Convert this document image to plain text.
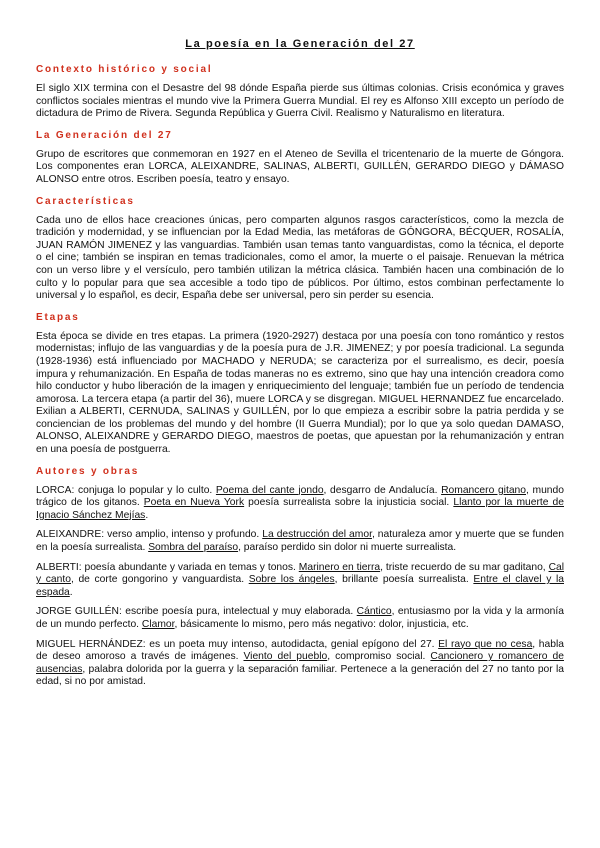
La poesía en la Generación del 27
Contexto histórico y social

El siglo XIX termina con el Desastre del 98 dónde España pierde sus últimas colonias. Crisis económica y graves conflictos sociales mientras el mundo vive la Primera Guerra Mundial. El rey es Alfonso XIII excepto un período de dictadura de Primo de Rivera. Segunda República y Guerra Civil. Realismo y Naturalismo en literatura.

La Generación del 27

Grupo de escritores que conmemoran en 1927 en el Ateneo de Sevilla el tricentenario de la muerte de Góngora. Los componentes eran LORCA, ALEIXANDRE, SALINAS, ALBERTI, GUILLÉN, GERARDO DIEGO y DÁMASO ALONSO entre otros. Escriben poesía, teatro y ensayo.

Características

Cada uno de ellos hace creaciones únicas, pero comparten algunos rasgos característicos, como la mezcla de tradición y modernidad, y se influencian por la Edad Media, las metáforas de GÓNGORA, BÉCQUER, ROSALÍA, JUAN RAMÓN JIMENEZ y las vanguardias. También usan temas tanto vanguardistas, como la técnica, el deporte o el cine; también se inspiran en temas tradicionales, como el amor, la muerte o el paisaje. Renuevan la métrica con un verso libre y el versículo, pero también utilizan la métrica clásica. También hacen una combinación de lo culto y lo popular para que sea accesible a todo tipo de públicos. Por último, estos combinan perfectamente lo universal y lo español, es decir, España debe ser universal, pero sin perder su esencia.

Etapas

Esta época se divide en tres etapas. La primera (1920-2927) destaca por una poesía con tono romántico y restos modernistas; influjo de las vanguardias y de la poesía pura de J.R. JIMENEZ; y por poesía tradicional. La segunda (1928-1936) está influenciado por MACHADO y NERUDA; se caracteriza por el surrealismo, es decir, poesía impura y rehumanización. En España de todas maneras no es extremo, sino que hay una intención creadora como hilo conductor y hubo liberación de la imagen y enriquecimiento del lenguaje; también fue un período de tendencia amorosa. La tercera etapa (a partir del 36), muere LORCA y se disgregan. MIGUEL HERNANDEZ fue encarcelado. Exilian a ALBERTI, CERNUDA, SALINAS y GUILLÉN, por lo que empieza a escribir sobre la patria perdida y se conciencian de los problemas del mundo y del hombre (II Guerra Mundial); por lo que ya solo quedan DAMASO, ALONSO, ALEIXANDRE y GERARDO DIEGO, maestros de poetas, que apuestan por la rehumanización y entran en una poesía de postguerra.

Autores y obras

LORCA: conjuga lo popular y lo culto. Poema del cante jondo, desgarro de Andalucía. Romancero gitano, mundo trágico de los gitanos. Poeta en Nueva York poesía surrealista sobre la injusticia social. Llanto por la muerte de Ignacio Sánchez Mejías.

ALEIXANDRE: verso amplio, intenso y profundo. La destrucción del amor, naturaleza amor y muerte que se funden en la poesía surrealista. Sombra del paraíso, paraíso perdido sin dolor ni muerte surrealista.

ALBERTI: poesía abundante y variada en temas y tonos. Marinero en tierra, triste recuerdo de su mar gaditano, Cal y canto, de corte gongorino y vanguardista. Sobre los ángeles, brillante poesía surrealista. Entre el clavel y la espada.

JORGE GUILLÉN: escribe poesía pura, intelectual y muy elaborada. Cántico, entusiasmo por la vida y la armonía de un mundo perfecto. Clamor, básicamente lo mismo, pero más negativo: dolor, injusticia, etc.

MIGUEL HERNÁNDEZ: es un poeta muy intenso, autodidacta, genial epígono del 27. El rayo que no cesa, habla de deseo amoroso a través de imágenes. Viento del pueblo, compromiso social. Cancionero y romancero de ausencias, palabra dolorida por la guerra y la separación familiar. Pertenece a la generación del 27 no tanto por la edad, si no por amistad.
